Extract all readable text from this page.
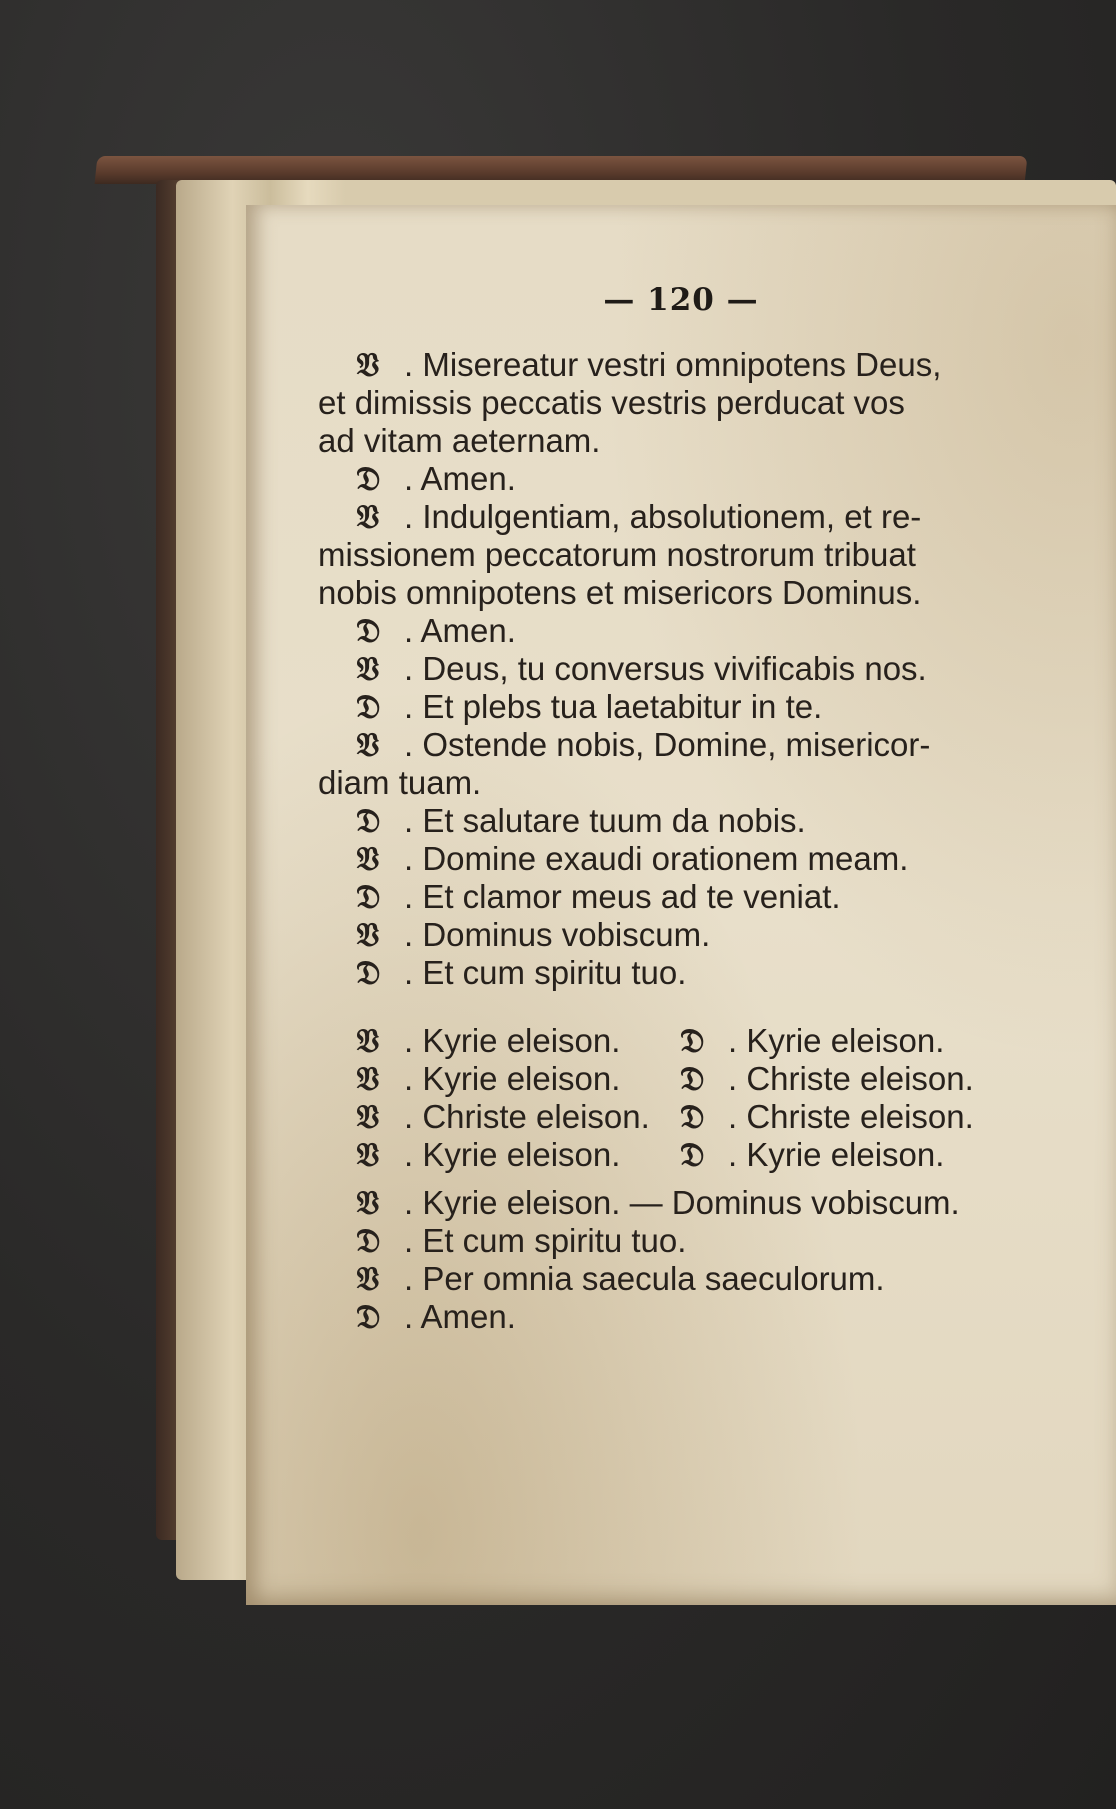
— 120 —
𝔙 . Misereatur vestri omnipotens Deus,
et dimissis peccatis vestris perducat vos
ad vitam aeternam.
𝔇 . Amen.
𝔙 . Indulgentiam, absolutionem, et re-
missionem peccatorum nostrorum tribuat
nobis omnipotens et misericors Dominus.
𝔇 . Amen.
𝔙 . Deus, tu conversus vivificabis nos.
𝔇 . Et plebs tua laetabitur in te.
𝔙 . Ostende nobis, Domine, misericor-
diam tuam.
𝔇 . Et salutare tuum da nobis.
𝔙 . Domine exaudi orationem meam.
𝔇 . Et clamor meus ad te veniat.
𝔙 . Dominus vobiscum.
𝔇 . Et cum spiritu tuo.
𝔙 . Kyrie eleison. 𝔇 . Kyrie eleison.
𝔙 . Kyrie eleison. 𝔇 . Christe eleison.
𝔙 . Christe eleison. 𝔇 . Christe eleison.
𝔙 . Kyrie eleison. 𝔇 . Kyrie eleison.
𝔙 . Kyrie eleison. — Dominus vobiscum.
𝔇 . Et cum spiritu tuo.
𝔙 . Per omnia saecula saeculorum.
𝔇 . Amen.
